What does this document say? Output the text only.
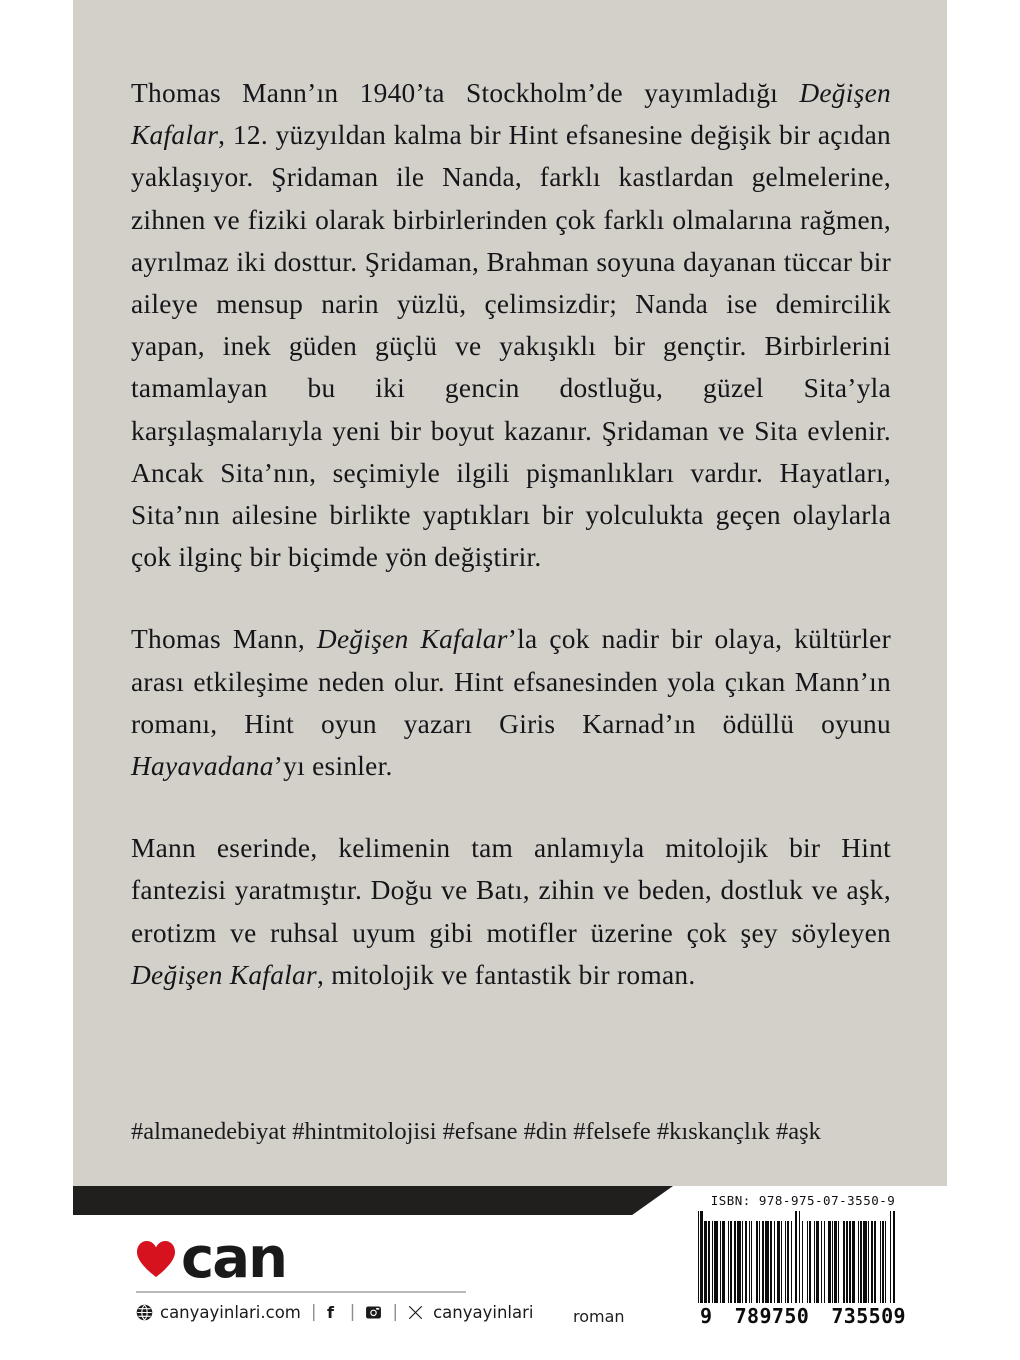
Thomas Mann’ın 1940’ta Stockholm’de yayımladığı Değişen Kafalar, 12. yüzyıldan kalma bir Hint efsanesine değişik bir açıdan yaklaşıyor. Şridaman ile Nanda, farklı kastlardan gelmelerine, zihnen ve fiziki olarak birbirlerinden çok farklı olmalarına rağmen, ayrılmaz iki dosttur. Şridaman, Brahman soyuna dayanan tüccar bir aileye mensup narin yüzlü, çelimsizdir; Nanda ise demircilik yapan, inek güden güçlü ve yakışıklı bir gençtir. Birbirlerini tamamlayan bu iki gencin dostluğu, güzel Sita’yla karşılaşmalarıyla yeni bir boyut kazanır. Şridaman ve Sita evlenir. Ancak Sita’nın, seçimiyle ilgili pişmanlıkları vardır. Hayatları, Sita’nın ailesine birlikte yaptıkları bir yolculukta geçen olaylarla çok ilginç bir biçimde yön değiştirir.

Thomas Mann, Değişen Kafalar’la çok nadir bir olaya, kültürler arası etkileşime neden olur. Hint efsanesinden yola çıkan Mann’ın romanı, Hint oyun yazarı Giris Karnad’ın ödüllü oyunu Hayavadana’yı esinler.

Mann eserinde, kelimenin tam anlamıyla mitolojik bir Hint fantezisi yaratmıştır. Doğu ve Batı, zihin ve beden, dostluk ve aşk, erotizm ve ruhsal uyum gibi motifler üzerine çok şey söyleyen Değişen Kafalar, mitolojik ve fantastik bir roman.

#almanedebiyat #hintmitolojisi #efsane #din #felsefe #kıskançlık #aşk
can
canyayinlari.com | f | | canyayinlari roman
ISBN: 978-975-07-3550-9
9 789750 735509
